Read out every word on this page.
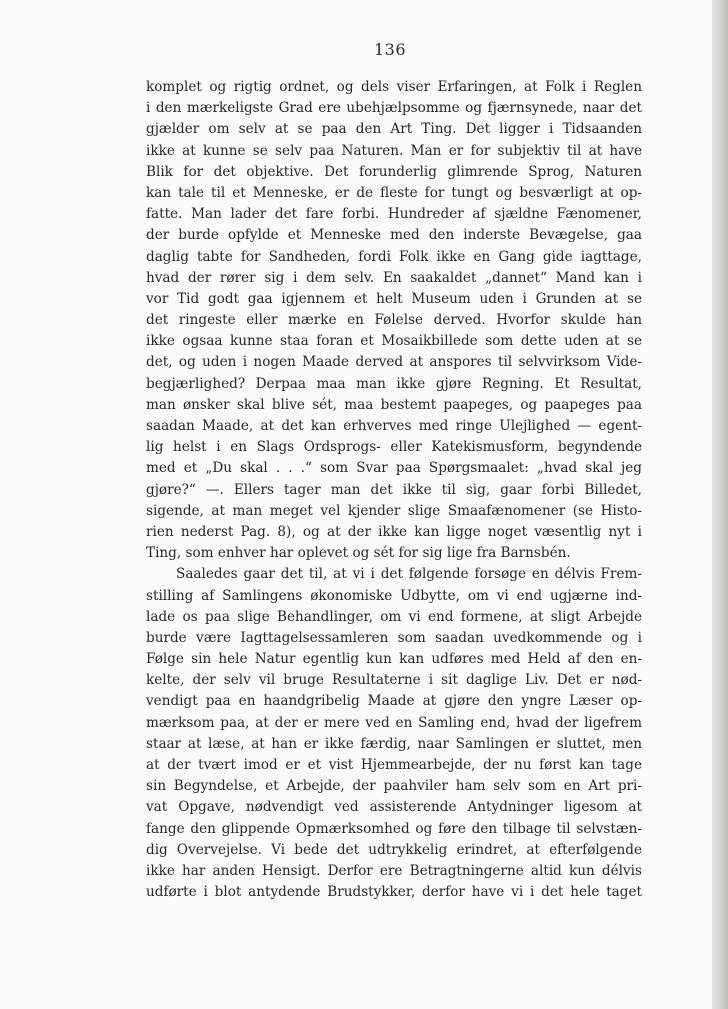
136
komplet og rigtig ordnet, og dels viser Erfaringen, at Folk i Reglen
i den mærkeligste Grad ere ubehjælpsomme og fjærnsynede, naar det
gjælder om selv at se paa den Art Ting. Det ligger i Tidsaanden
ikke at kunne se selv paa Naturen. Man er for subjektiv til at have
Blik for det objektive. Det forunderlig glimrende Sprog, Naturen
kan tale til et Menneske, er de fleste for tungt og besværligt at op-
fatte. Man lader det fare forbi. Hundreder af sjældne Fænomener,
der burde opfylde et Menneske med den inderste Bevægelse, gaa
daglig tabte for Sandheden, fordi Folk ikke en Gang gide iagttage,
hvad der rører sig i dem selv. En saakaldet „dannet“ Mand kan i
vor Tid godt gaa igjennem et helt Museum uden i Grunden at se
det ringeste eller mærke en Følelse derved. Hvorfor skulde han
ikke ogsaa kunne staa foran et Mosaikbillede som dette uden at se
det, og uden i nogen Maade derved at anspores til selvvirksom Vide-
begjærlighed? Derpaa maa man ikke gjøre Regning. Et Resultat,
man ønsker skal blive sét, maa bestemt paapeges, og paapeges paa
saadan Maade, at det kan erhverves med ringe Ulejlighed — egent-
lig helst i en Slags Ordsprogs- eller Katekismusform, begyndende
med et „Du skal . . .“ som Svar paa Spørgsmaalet: „hvad skal jeg
gjøre?“ —. Ellers tager man det ikke til sig, gaar forbi Billedet,
sigende, at man meget vel kjender slige Smaafænomener (se Histo-
rien nederst Pag. 8), og at der ikke kan ligge noget væsentlig nyt i
Ting, som enhver har oplevet og sét for sig lige fra Barnsbén.
Saaledes gaar det til, at vi i det følgende forsøge en délvis Frem-
stilling af Samlingens økonomiske Udbytte, om vi end ugjærne ind-
lade os paa slige Behandlinger, om vi end formene, at sligt Arbejde
burde være Iagttagelsessamleren som saadan uvedkommende og i
Følge sin hele Natur egentlig kun kan udføres med Held af den en-
kelte, der selv vil bruge Resultaterne i sit daglige Liv. Det er nød-
vendigt paa en haandgribelig Maade at gjøre den yngre Læser op-
mærksom paa, at der er mere ved en Samling end, hvad der ligefrem
staar at læse, at han er ikke færdig, naar Samlingen er sluttet, men
at der tvært imod er et vist Hjemmearbejde, der nu først kan tage
sin Begyndelse, et Arbejde, der paahviler ham selv som en Art pri-
vat Opgave, nødvendigt ved assisterende Antydninger ligesom at
fange den glippende Opmærksomhed og føre den tilbage til selvstæn-
dig Overvejelse. Vi bede det udtrykkelig erindret, at efterfølgende
ikke har anden Hensigt. Derfor ere Betragtningerne altid kun délvis
udførte i blot antydende Brudstykker, derfor have vi i det hele taget
